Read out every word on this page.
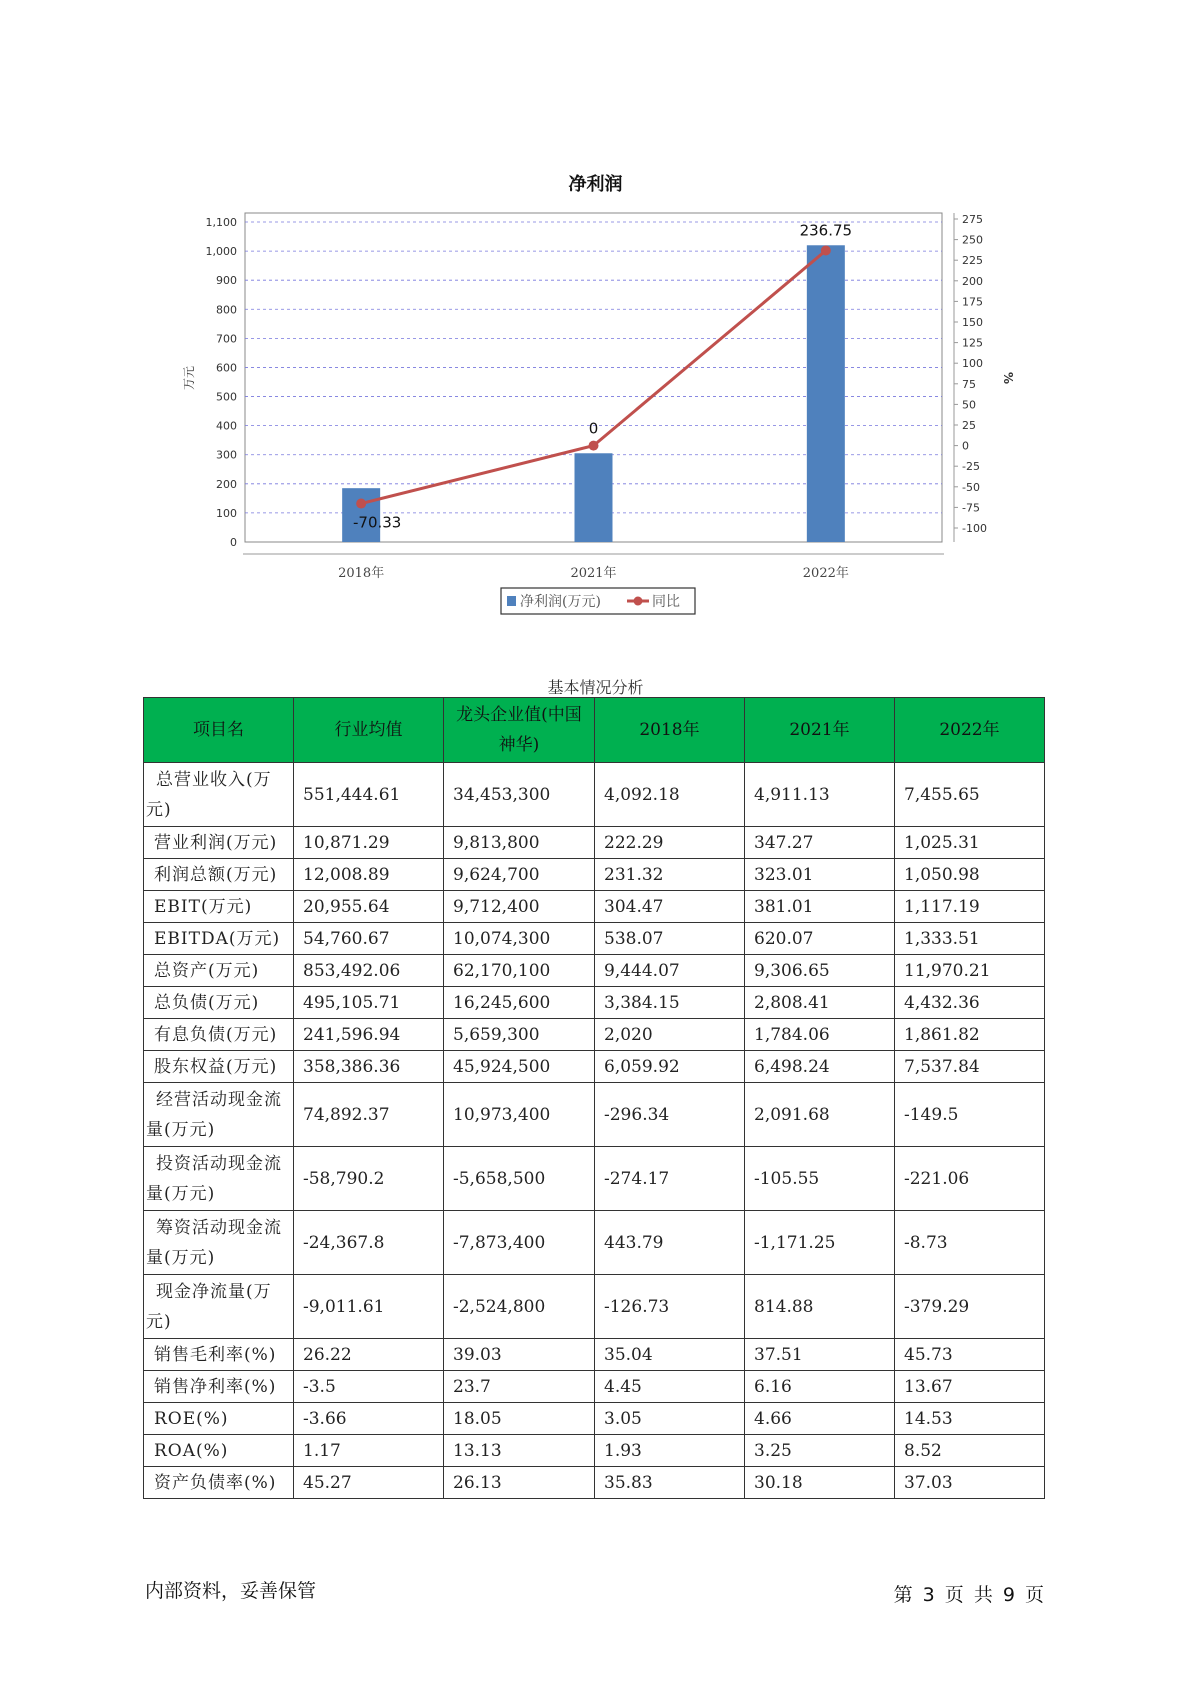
净利润
0
100
200
300
400
500
600
700
800
900
1,000
1,100
-100
-75
-50
-25
0
25
50
75
100
125
150
175
200
225
250
275
万元	%
2018年	2021年	2022年
-70.33
0
236.75
净利润(万元)	同比
基本情况分析
项目名	行业均值	龙头企业值(中国神华)	2018年	2021年	2022年
总营业收入(万元)	551,444.61	34,453,300	4,092.18	4,911.13	7,455.65
营业利润(万元)	10,871.29	9,813,800	222.29	347.27	1,025.31
利润总额(万元)	12,008.89	9,624,700	231.32	323.01	1,050.98
EBIT(万元)	20,955.64	9,712,400	304.47	381.01	1,117.19
EBITDA(万元)	54,760.67	10,074,300	538.07	620.07	1,333.51
总资产(万元)	853,492.06	62,170,100	9,444.07	9,306.65	11,970.21
总负债(万元)	495,105.71	16,245,600	3,384.15	2,808.41	4,432.36
有息负债(万元)	241,596.94	5,659,300	2,020	1,784.06	1,861.82
股东权益(万元)	358,386.36	45,924,500	6,059.92	6,498.24	7,537.84
经营活动现金流量(万元)	74,892.37	10,973,400	-296.34	2,091.68	-149.5
投资活动现金流量(万元)	-58,790.2	-5,658,500	-274.17	-105.55	-221.06
筹资活动现金流量(万元)	-24,367.8	-7,873,400	443.79	-1,171.25	-8.73
现金净流量(万元)	-9,011.61	-2,524,800	-126.73	814.88	-379.29
销售毛利率(%)	26.22	39.03	35.04	37.51	45.73
销售净利率(%)	-3.5	23.7	4.45	6.16	13.67
ROE(%)	-3.66	18.05	3.05	4.66	14.53
ROA(%)	1.17	13.13	1.93	3.25	8.52
资产负债率(%)	45.27	26.13	35.83	30.18	37.03
内部资料，妥善保管	第 3 页 共 9 页
